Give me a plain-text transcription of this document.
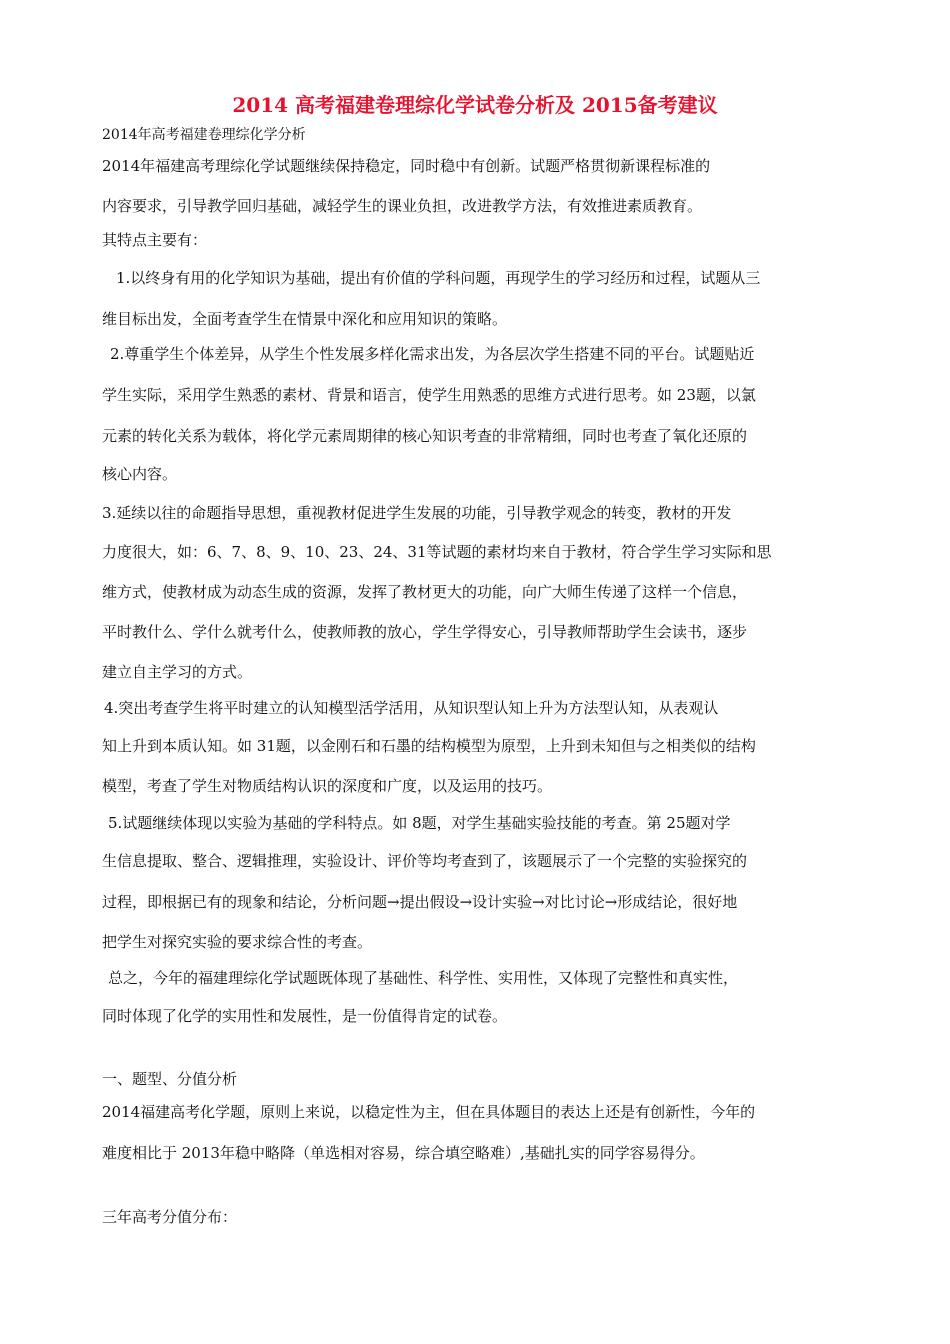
2014 高考福建卷理综化学试卷分析及 2015备考建议
2014年高考福建卷理综化学分析
2014年福建高考理综化学试题继续保持稳定，同时稳中有创新。试题严格贯彻新课程标准的
内容要求，引导教学回归基础，减轻学生的课业负担，改进教学方法，有效推进素质教育。
其特点主要有：
1.以终身有用的化学知识为基础，提出有价值的学科问题，再现学生的学习经历和过程，试题从三
维目标出发，全面考查学生在情景中深化和应用知识的策略。
2.尊重学生个体差异，从学生个性发展多样化需求出发，为各层次学生搭建不同的平台。试题贴近
学生实际，采用学生熟悉的素材、背景和语言，使学生用熟悉的思维方式进行思考。如 23题，以氯
元素的转化关系为载体，将化学元素周期律的核心知识考查的非常精细，同时也考查了氧化还原的
核心内容。
3.延续以往的命题指导思想，重视教材促进学生发展的功能，引导教学观念的转变，教材的开发
力度很大，如：6、7、8、9、10、23、24、31等试题的素材均来自于教材，符合学生学习实际和思
维方式，使教材成为动态生成的资源，发挥了教材更大的功能，向广大师生传递了这样一个信息，
平时教什么、学什么就考什么，使教师教的放心，学生学得安心，引导教师帮助学生会读书，逐步
建立自主学习的方式。
4.突出考查学生将平时建立的认知模型活学活用，从知识型认知上升为方法型认知，从表观认
知上升到本质认知。如 31题，以金刚石和石墨的结构模型为原型，上升到未知但与之相类似的结构
模型，考查了学生对物质结构认识的深度和广度，以及运用的技巧。
5.试题继续体现以实验为基础的学科特点。如 8题，对学生基础实验技能的考查。第 25题对学
生信息提取、整合、逻辑推理，实验设计、评价等均考查到了，该题展示了一个完整的实验探究的
过程，即根据已有的现象和结论，分析问题→提出假设→设计实验→对比讨论→形成结论，很好地
把学生对探究实验的要求综合性的考查。
总之，今年的福建理综化学试题既体现了基础性、科学性、实用性，又体现了完整性和真实性，
同时体现了化学的实用性和发展性，是一份值得肯定的试卷。
一、题型、分值分析
2014福建高考化学题，原则上来说，以稳定性为主，但在具体题目的表达上还是有创新性，今年的
难度相比于 2013年稳中略降（单选相对容易，综合填空略难）,基础扎实的同学容易得分。
三年高考分值分布：
